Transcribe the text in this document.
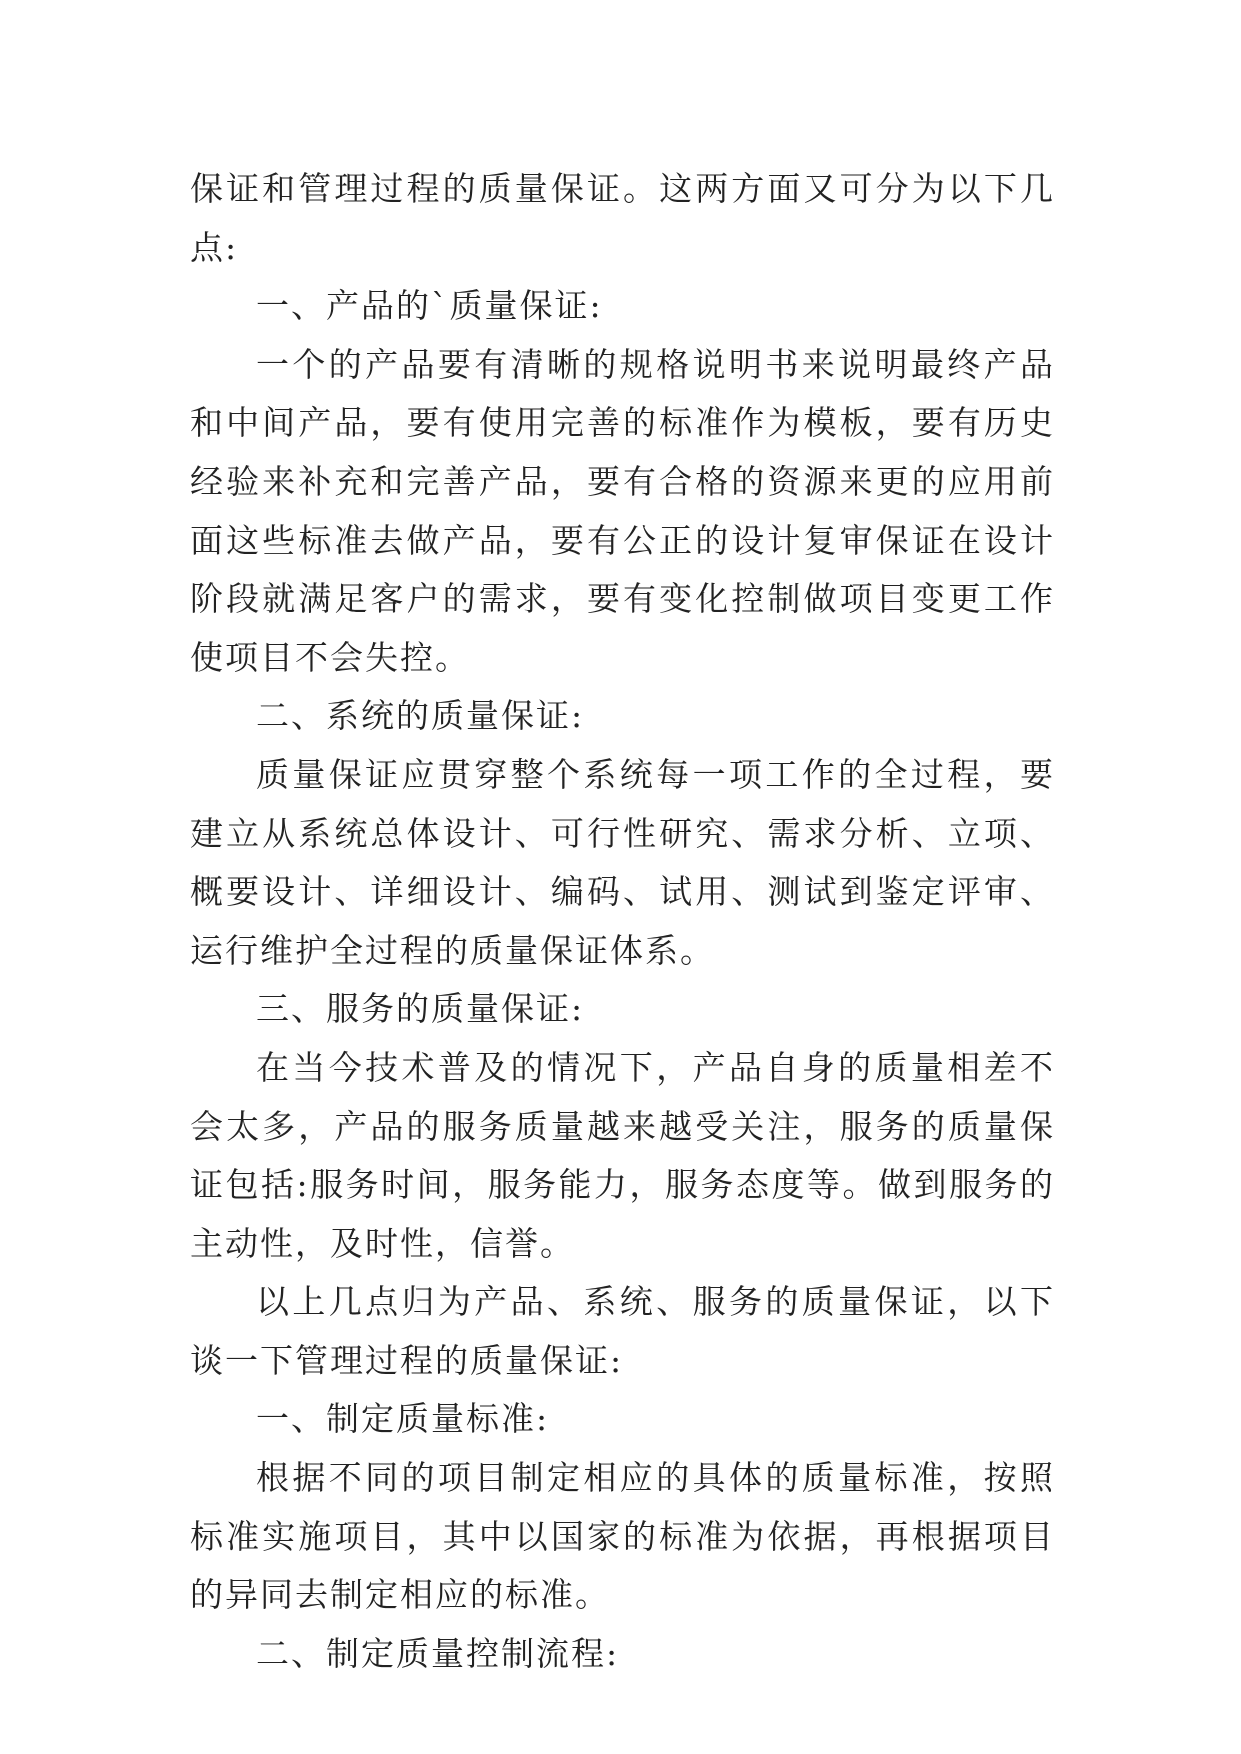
保证和管理过程的质量保证。这两方面又可分为以下几点:

一、产品的`质量保证:

一个的产品要有清晰的规格说明书来说明最终产品和中间产品，要有使用完善的标准作为模板，要有历史经验来补充和完善产品，要有合格的资源来更的应用前面这些标准去做产品，要有公正的设计复审保证在设计阶段就满足客户的需求，要有变化控制做项目变更工作使项目不会失控。

二、系统的质量保证:

质量保证应贯穿整个系统每一项工作的全过程，要建立从系统总体设计、可行性研究、需求分析、立项、概要设计、详细设计、编码、试用、测试到鉴定评审、运行维护全过程的质量保证体系。

三、服务的质量保证:

在当今技术普及的情况下，产品自身的质量相差不会太多，产品的服务质量越来越受关注，服务的质量保证包括:服务时间，服务能力，服务态度等。做到服务的主动性，及时性，信誉。

以上几点归为产品、系统、服务的质量保证，以下谈一下管理过程的质量保证:

一、制定质量标准:

根据不同的项目制定相应的具体的质量标准，按照标准实施项目，其中以国家的标准为依据，再根据项目的异同去制定相应的标准。

二、制定质量控制流程:
